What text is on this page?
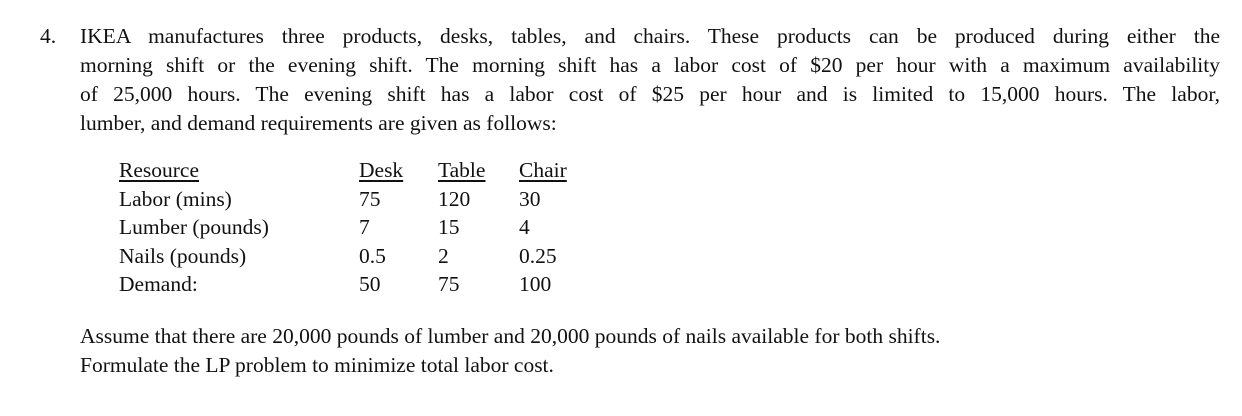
4. IKEA manufactures three products, desks, tables, and chairs. These products can be produced during either the
morning shift or the evening shift. The morning shift has a labor cost of $20 per hour with a maximum availability
of 25,000 hours. The evening shift has a labor cost of $25 per hour and is limited to 15,000 hours. The labor,
lumber, and demand requirements are given as follows:
Resource	Desk	Table	Chair
Labor (mins)	75	120	30
Lumber (pounds)	7	15	4
Nails (pounds)	0.5	2	0.25
Demand:	50	75	100
Assume that there are 20,000 pounds of lumber and 20,000 pounds of nails available for both shifts.
Formulate the LP problem to minimize total labor cost.
